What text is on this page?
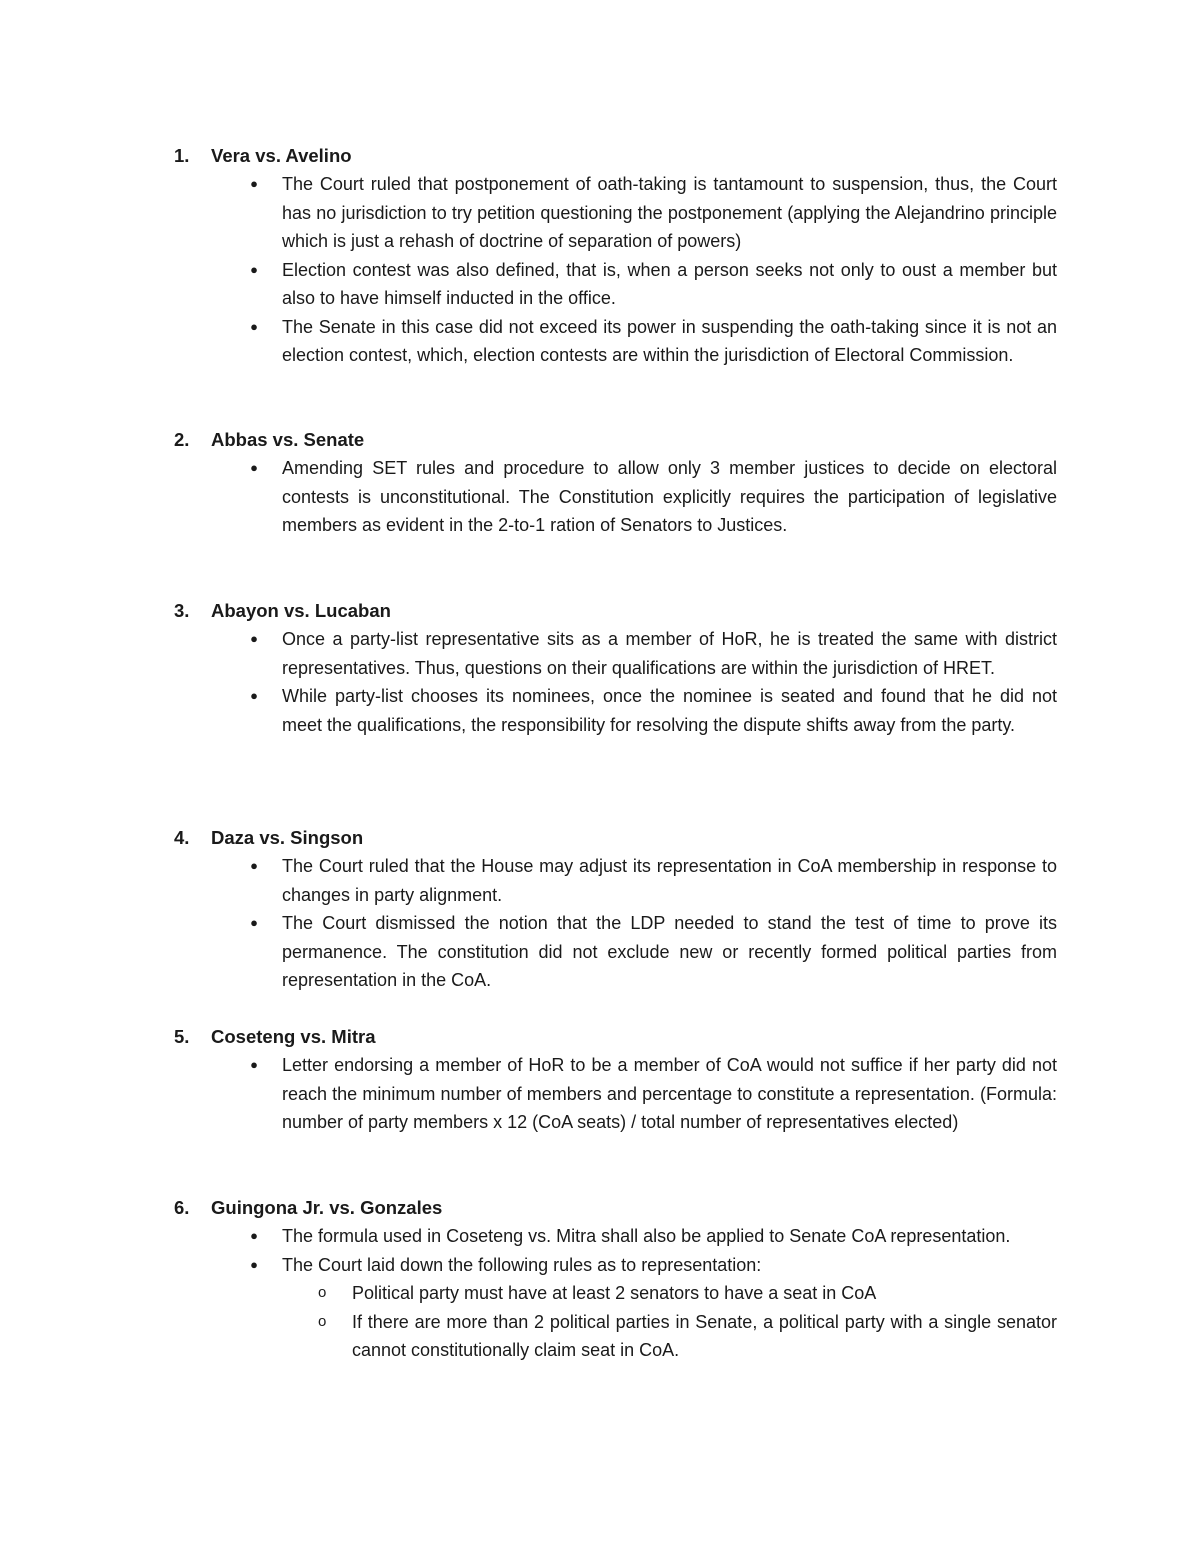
1. Vera vs. Avelino
● The Court ruled that postponement of oath-taking is tantamount to suspension, thus, the Court has no jurisdiction to try petition questioning the postponement (applying the Alejandrino principle which is just a rehash of doctrine of separation of powers)
● Election contest was also defined, that is, when a person seeks not only to oust a member but also to have himself inducted in the office.
● The Senate in this case did not exceed its power in suspending the oath-taking since it is not an election contest, which, election contests are within the jurisdiction of Electoral Commission.
2. Abbas vs. Senate
● Amending SET rules and procedure to allow only 3 member justices to decide on electoral contests is unconstitutional. The Constitution explicitly requires the participation of legislative members as evident in the 2-to-1 ration of Senators to Justices.
3. Abayon vs. Lucaban
● Once a party-list representative sits as a member of HoR, he is treated the same with district representatives. Thus, questions on their qualifications are within the jurisdiction of HRET.
● While party-list chooses its nominees, once the nominee is seated and found that he did not meet the qualifications, the responsibility for resolving the dispute shifts away from the party.
4. Daza vs. Singson
● The Court ruled that the House may adjust its representation in CoA membership in response to changes in party alignment.
● The Court dismissed the notion that the LDP needed to stand the test of time to prove its permanence. The constitution did not exclude new or recently formed political parties from representation in the CoA.
5. Coseteng vs. Mitra
● Letter endorsing a member of HoR to be a member of CoA would not suffice if her party did not reach the minimum number of members and percentage to constitute a representation. (Formula: number of party members x 12 (CoA seats) / total number of representatives elected)
6. Guingona Jr. vs. Gonzales
● The formula used in Coseteng vs. Mitra shall also be applied to Senate CoA representation.
● The Court laid down the following rules as to representation:
o Political party must have at least 2 senators to have a seat in CoA
o If there are more than 2 political parties in Senate, a political party with a single senator cannot constitutionally claim seat in CoA.
